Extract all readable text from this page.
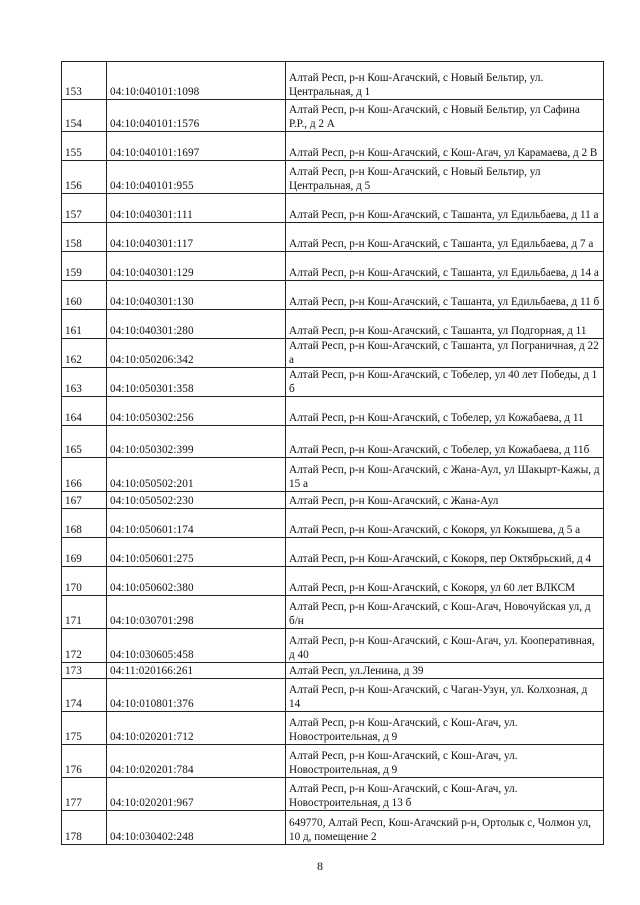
153	04:10:040101:1098	Алтай Респ, р-н Кош-Агачский, с Новый Бельтир, ул. Центральная, д 1
154	04:10:040101:1576	Алтай Респ, р-н Кош-Агачский, с Новый Бельтир, ул Сафина Р.Р., д 2 А
155	04:10:040101:1697	Алтай Респ, р-н Кош-Агачский, с Кош-Агач, ул Карамаева, д 2 В
156	04:10:040101:955	Алтай Респ, р-н Кош-Агачский, с Новый Бельтир, ул Центральная, д 5
157	04:10:040301:111	Алтай Респ, р-н Кош-Агачский, с Ташанта, ул Едильбаева, д 11 а
158	04:10:040301:117	Алтай Респ, р-н Кош-Агачский, с Ташанта, ул Едильбаева, д 7 а
159	04:10:040301:129	Алтай Респ, р-н Кош-Агачский, с Ташанта, ул Едильбаева, д 14 а
160	04:10:040301:130	Алтай Респ, р-н Кош-Агачский, с Ташанта, ул Едильбаева, д 11 б
161	04:10:040301:280	Алтай Респ, р-н Кош-Агачский, с Ташанта, ул Подгорная, д 11
162	04:10:050206:342	Алтай Респ, р-н Кош-Агачский, с Ташанта, ул Пограничная, д 22 а
163	04:10:050301:358	Алтай Респ, р-н Кош-Агачский, с Тобелер, ул 40 лет Победы, д 1 б
164	04:10:050302:256	Алтай Респ, р-н Кош-Агачский, с Тобелер, ул Кожабаева, д 11
165	04:10:050302:399	Алтай Респ, р-н Кош-Агачский, с Тобелер, ул Кожабаева, д 11б
166	04:10:050502:201	Алтай Респ, р-н Кош-Агачский, с Жана-Аул, ул Шакырт-Кажы, д 15 а
167	04:10:050502:230	Алтай Респ, р-н Кош-Агачский, с Жана-Аул
168	04:10:050601:174	Алтай Респ, р-н Кош-Агачский, с Кокоря, ул Кокышева, д 5 а
169	04:10:050601:275	Алтай Респ, р-н Кош-Агачский, с Кокоря, пер Октябрьский, д 4
170	04:10:050602:380	Алтай Респ, р-н Кош-Агачский, с Кокоря, ул 60 лет ВЛКСМ
171	04:10:030701:298	Алтай Респ, р-н Кош-Агачский, с Кош-Агач, Новочуйская ул, д б/н
172	04:10:030605:458	Алтай Респ, р-н Кош-Агачский, с Кош-Агач, ул. Кооперативная, д 40
173	04:11:020166:261	Алтай Респ, ул.Ленина, д 39
174	04:10:010801:376	Алтай Респ, р-н Кош-Агачский, с Чаган-Узун, ул. Колхозная, д 14
175	04:10:020201:712	Алтай Респ, р-н Кош-Агачский, с Кош-Агач, ул. Новостроительная, д 9
176	04:10:020201:784	Алтай Респ, р-н Кош-Агачский, с Кош-Агач, ул. Новостроительная, д 9
177	04:10:020201:967	Алтай Респ, р-н Кош-Агачский, с Кош-Агач, ул. Новостроительная, д 13 б
178	04:10:030402:248	649770, Алтай Респ, Кош-Агачский р-н, Ортолык с, Чолмон ул, 10 д, помещение 2
8
